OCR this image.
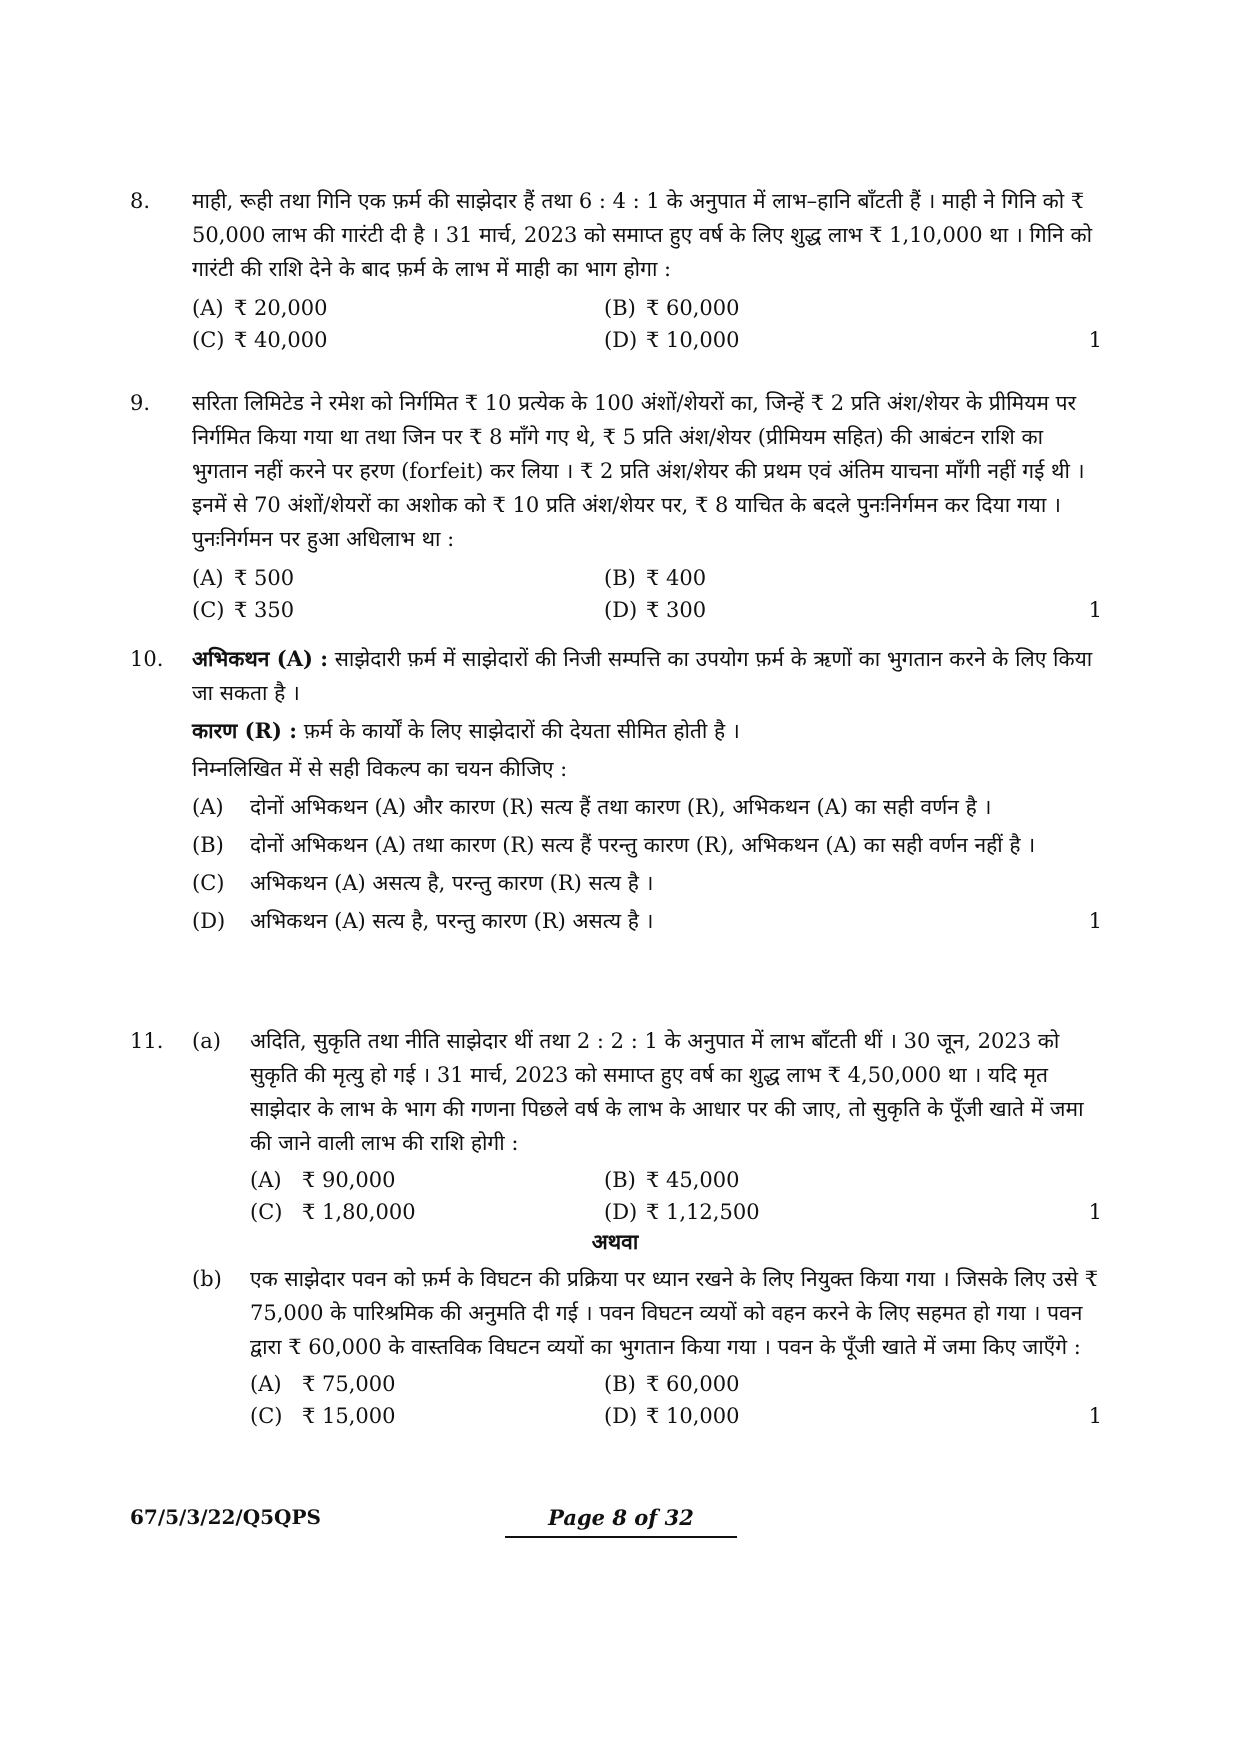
8.	माही, रूही तथा गिनि एक फ़र्म की साझेदार हैं तथा 6 : 4 : 1 के अनुपात में लाभ–हानि बाँटती हैं । माही ने गिनि को ₹ 50,000 लाभ की गारंटी दी है । 31 मार्च, 2023 को समाप्त हुए वर्ष के लिए शुद्ध लाभ ₹ 1,10,000 था । गिनि को गारंटी की राशि देने के बाद फ़र्म के लाभ में माही का भाग होगा :
(A) ₹ 20,000	(B) ₹ 60,000
(C) ₹ 40,000	(D) ₹ 10,000	1
9.	सरिता लिमिटेड ने रमेश को निर्गमित ₹ 10 प्रत्येक के 100 अंशों/शेयरों का, जिन्हें ₹ 2 प्रति अंश/शेयर के प्रीमियम पर निर्गमित किया गया था तथा जिन पर ₹ 8 माँगे गए थे, ₹ 5 प्रति अंश/शेयर (प्रीमियम सहित) की आबंटन राशि का भुगतान नहीं करने पर हरण (forfeit) कर लिया । ₹ 2 प्रति अंश/शेयर की प्रथम एवं अंतिम याचना माँगी नहीं गई थी । इनमें से 70 अंशों/शेयरों का अशोक को ₹ 10 प्रति अंश/शेयर पर, ₹ 8 याचित के बदले पुनःनिर्गमन कर दिया गया । पुनःनिर्गमन पर हुआ अधिलाभ था :
(A) ₹ 500	(B) ₹ 400
(C) ₹ 350	(D) ₹ 300	1
10.	अभिकथन (A) : साझेदारी फ़र्म में साझेदारों की निजी सम्पत्ति का उपयोग फ़र्म के ऋणों का भुगतान करने के लिए किया जा सकता है ।
कारण (R) : फ़र्म के कार्यों के लिए साझेदारों की देयता सीमित होती है ।
निम्नलिखित में से सही विकल्प का चयन कीजिए :
(A)	दोनों अभिकथन (A) और कारण (R) सत्य हैं तथा कारण (R), अभिकथन (A) का सही वर्णन है ।
(B)	दोनों अभिकथन (A) तथा कारण (R) सत्य हैं परन्तु कारण (R), अभिकथन (A) का सही वर्णन नहीं है ।
(C)	अभिकथन (A) असत्य है, परन्तु कारण (R) सत्य है ।
(D)	अभिकथन (A) सत्य है, परन्तु कारण (R) असत्य है ।	1
11.	(a)	अदिति, सुकृति तथा नीति साझेदार थीं तथा 2 : 2 : 1 के अनुपात में लाभ बाँटती थीं । 30 जून, 2023 को सुकृति की मृत्यु हो गई । 31 मार्च, 2023 को समाप्त हुए वर्ष का शुद्ध लाभ ₹ 4,50,000 था । यदि मृत साझेदार के लाभ के भाग की गणना पिछले वर्ष के लाभ के आधार पर की जाए, तो सुकृति के पूँजी खाते में जमा की जाने वाली लाभ की राशि होगी :
(A) ₹ 90,000	(B) ₹ 45,000
(C) ₹ 1,80,000	(D) ₹ 1,12,500	1

अथवा

(b)	एक साझेदार पवन को फ़र्म के विघटन की प्रक्रिया पर ध्यान रखने के लिए नियुक्त किया गया । जिसके लिए उसे ₹ 75,000 के पारिश्रमिक की अनुमति दी गई । पवन विघटन व्ययों को वहन करने के लिए सहमत हो गया । पवन द्वारा ₹ 60,000 के वास्तविक विघटन व्ययों का भुगतान किया गया । पवन के पूँजी खाते में जमा किए जाएँगे :
(A) ₹ 75,000	(B) ₹ 60,000
(C) ₹ 15,000	(D) ₹ 10,000	1
67/5/3/22/Q5QPS	Page 8 of 32
